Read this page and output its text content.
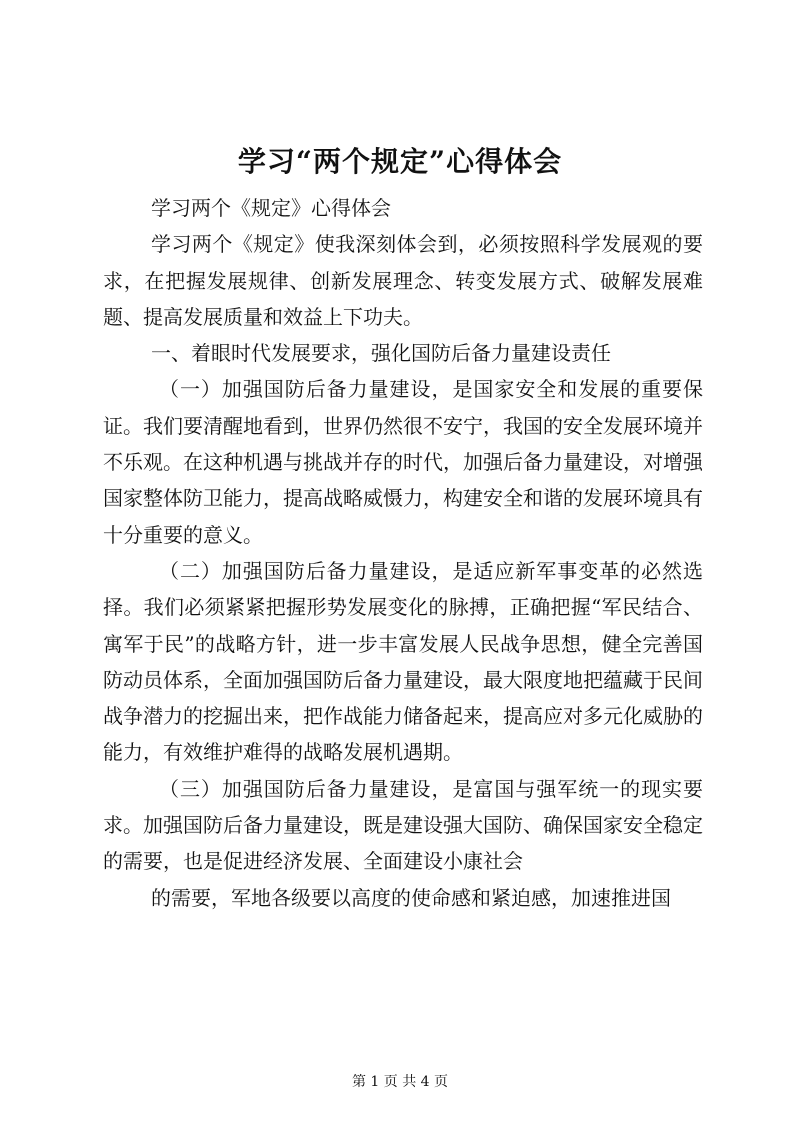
学习“两个规定”心得体会

学习两个《规定》心得体会

学习两个《规定》使我深刻体会到，必须按照科学发展观的要求，在把握发展规律、创新发展理念、转变发展方式、破解发展难题、提高发展质量和效益上下功夫。

一、着眼时代发展要求，强化国防后备力量建设责任

（一）加强国防后备力量建设，是国家安全和发展的重要保证。我们要清醒地看到，世界仍然很不安宁，我国的安全发展环境并不乐观。在这种机遇与挑战并存的时代，加强后备力量建设，对增强国家整体防卫能力，提高战略威慑力，构建安全和谐的发展环境具有十分重要的意义。

（二）加强国防后备力量建设，是适应新军事变革的必然选择。我们必须紧紧把握形势发展变化的脉搏，正确把握“军民结合、寓军于民”的战略方针，进一步丰富发展人民战争思想，健全完善国防动员体系，全面加强国防后备力量建设，最大限度地把蕴藏于民间战争潜力的挖掘出来，把作战能力储备起来，提高应对多元化威胁的能力，有效维护难得的战略发展机遇期。

（三）加强国防后备力量建设，是富国与强军统一的现实要求。加强国防后备力量建设，既是建设强大国防、确保国家安全稳定的需要，也是促进经济发展、全面建设小康社会

的需要，军地各级要以高度的使命感和紧迫感，加速推进国

第 1 页 共 4 页
